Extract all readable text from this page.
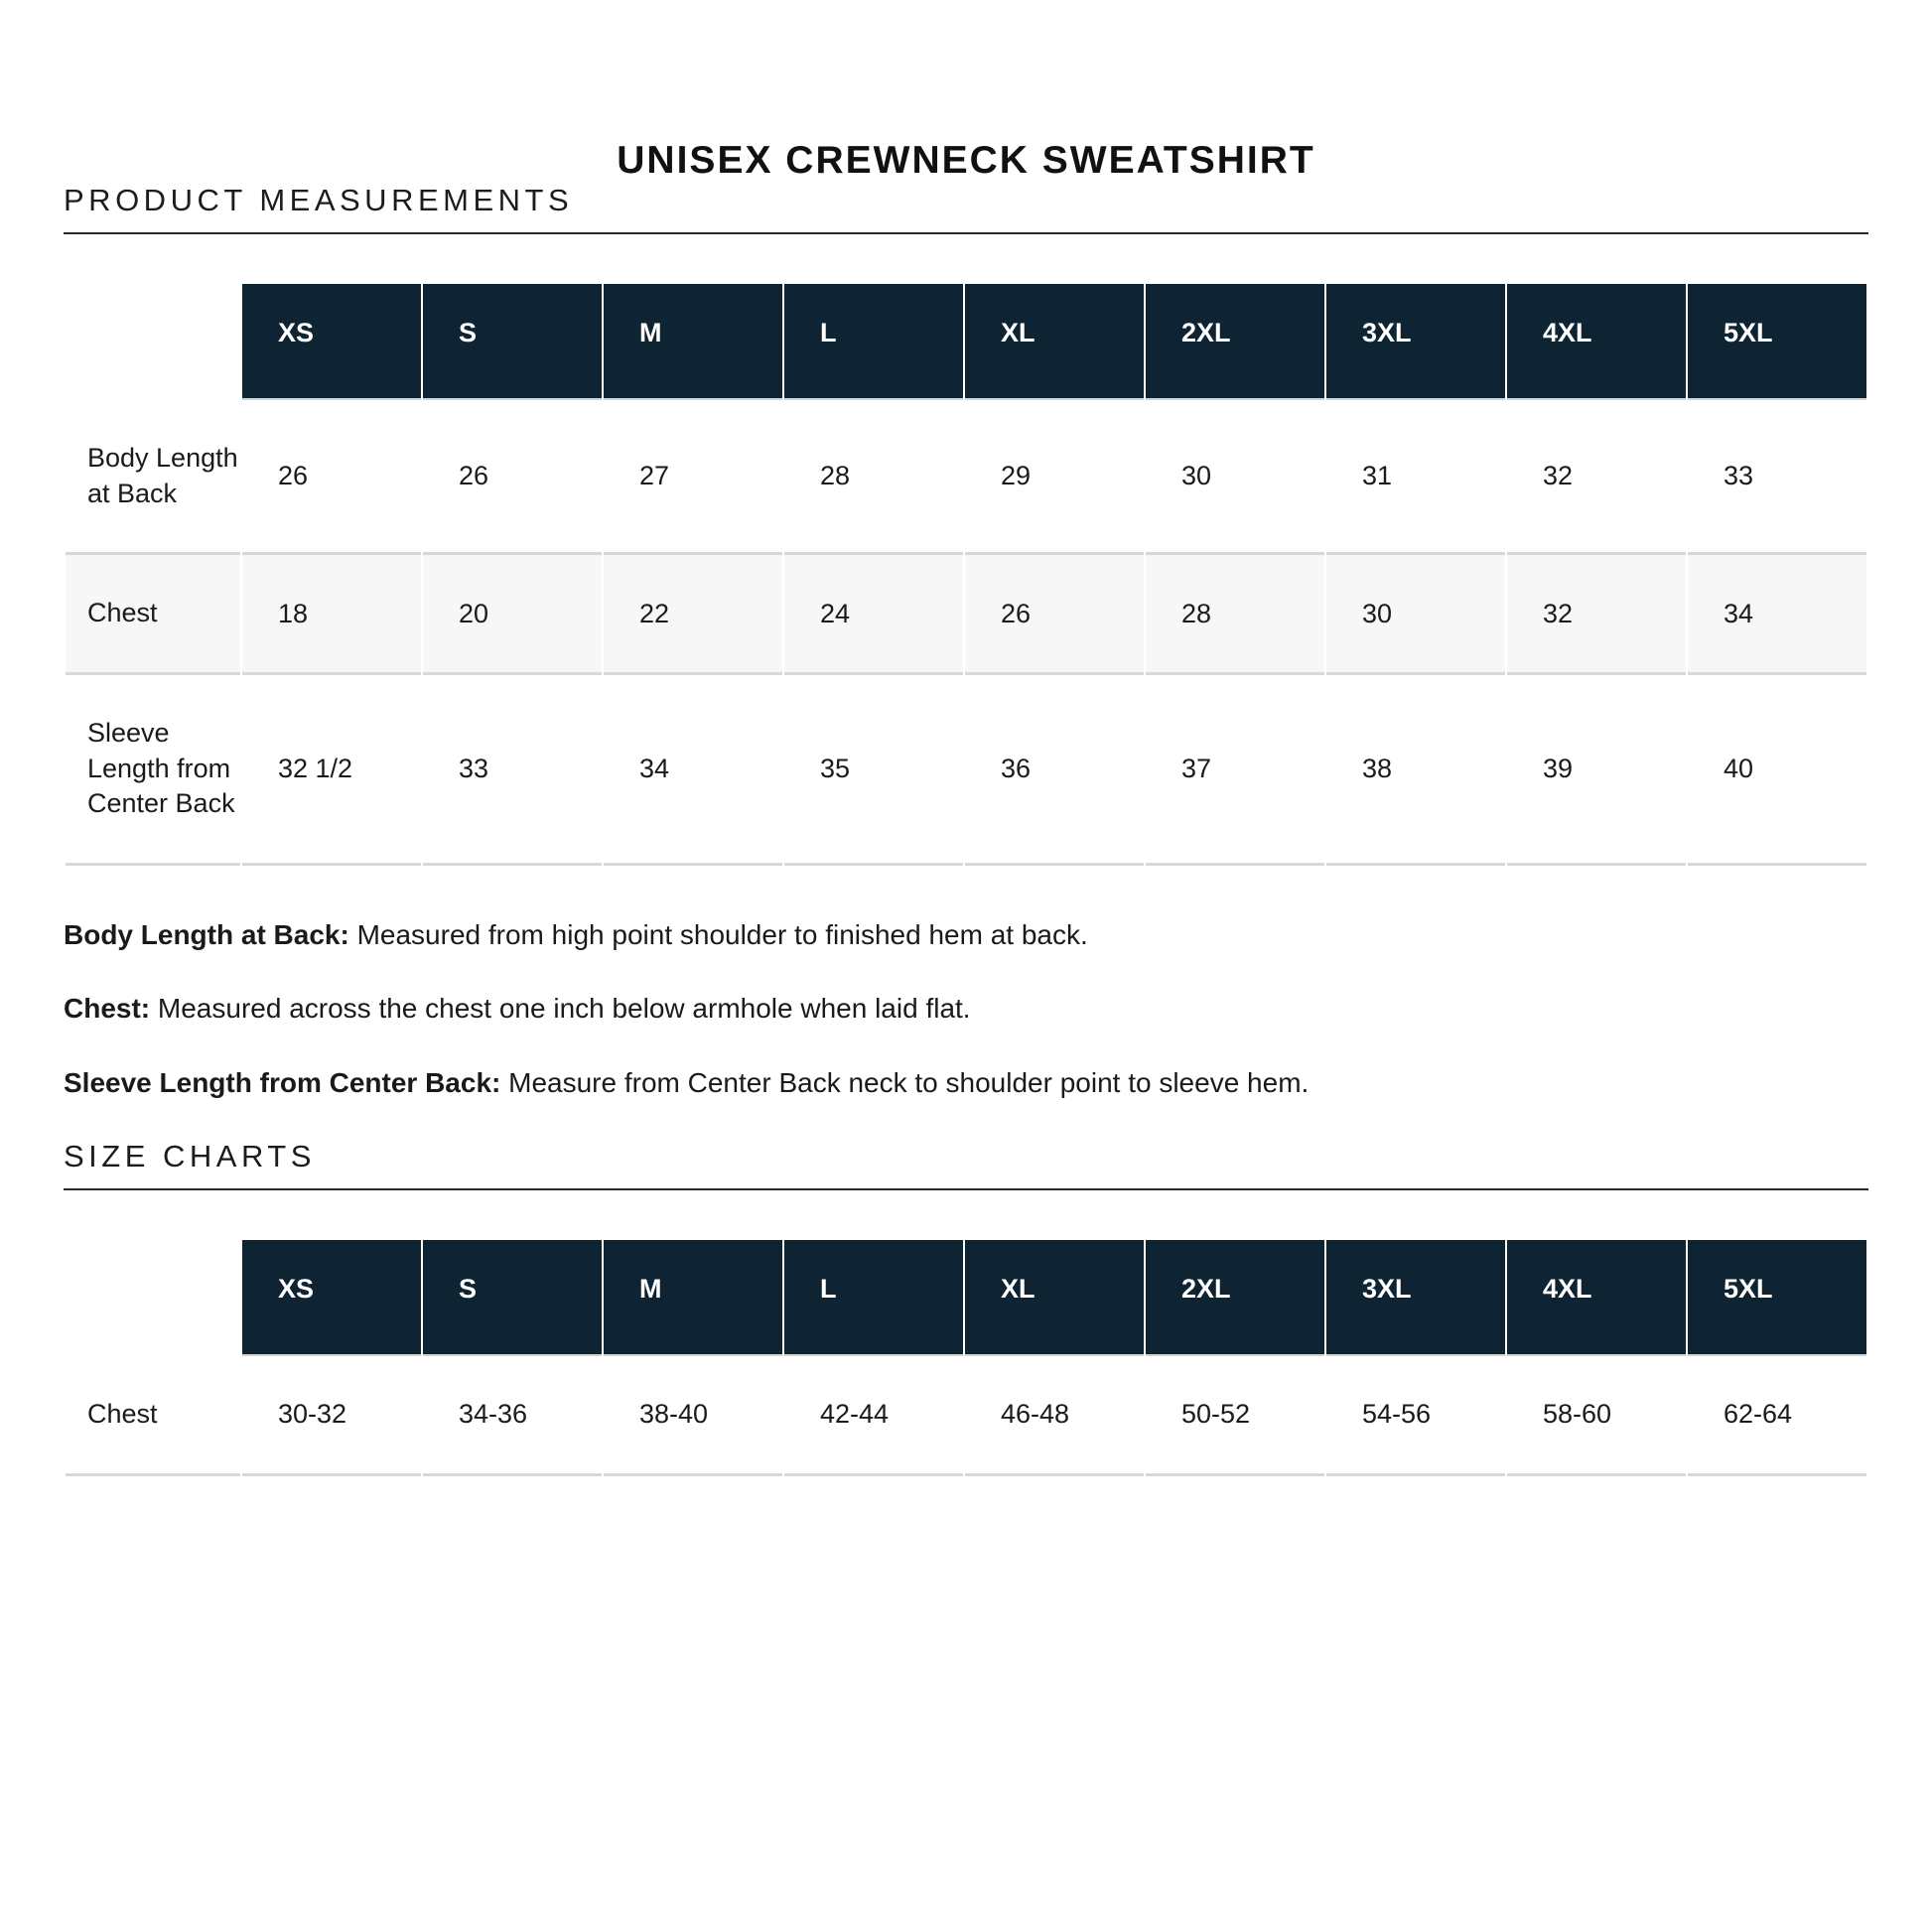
UNISEX CREWNECK SWEATSHIRT
PRODUCT MEASUREMENTS
	XS	S	M	L	XL	2XL	3XL	4XL	5XL
Body Length at Back	26	26	27	28	29	30	31	32	33
Chest	18	20	22	24	26	28	30	32	34
Sleeve Length from Center Back	32 1/2	33	34	35	36	37	38	39	40

Body Length at Back: Measured from high point shoulder to finished hem at back.

Chest: Measured across the chest one inch below armhole when laid flat.

Sleeve Length from Center Back: Measure from Center Back neck to shoulder point to sleeve hem.

SIZE CHARTS
	XS	S	M	L	XL	2XL	3XL	4XL	5XL
Chest	30-32	34-36	38-40	42-44	46-48	50-52	54-56	58-60	62-64
